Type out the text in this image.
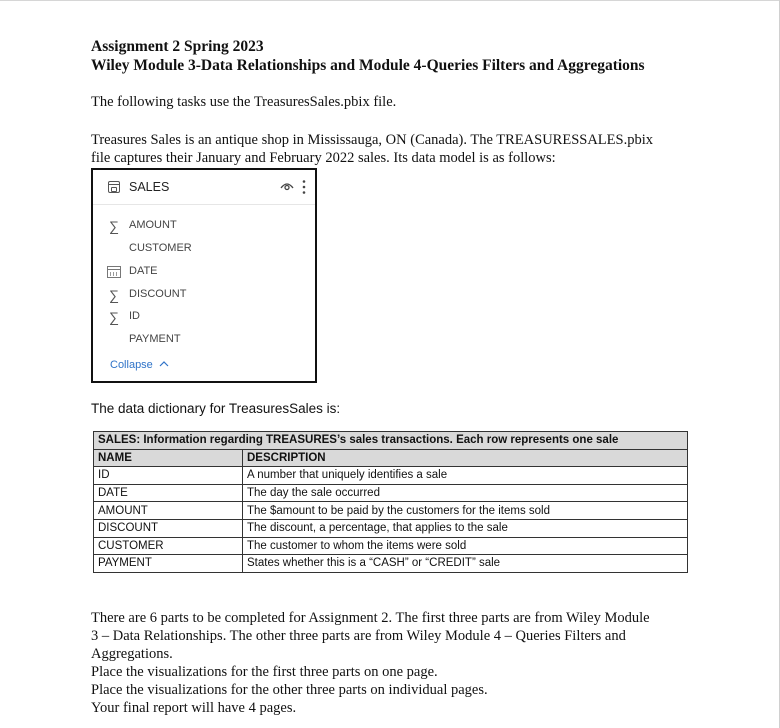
Assignment 2 Spring 2023
Wiley Module 3-Data Relationships and Module 4-Queries Filters and Aggregations
The following tasks use the TreasuresSales.pbix file.
Treasures Sales is an antique shop in Mississauga, ON (Canada). The TREASURESSALES.pbix
file captures their January and February 2022 sales. Its data model is as follows:
SALES
∑ AMOUNT
CUSTOMER
DATE
∑ DISCOUNT
∑ ID
PAYMENT
Collapse
The data dictionary for TreasuresSales is:
SALES: Information regarding TREASURES’s sales transactions. Each row represents one sale	
NAME	DESCRIPTION
ID	A number that uniquely identifies a sale
DATE	The day the sale occurred
AMOUNT	The $amount to be paid by the customers for the items sold
DISCOUNT	The discount, a percentage, that applies to the sale
CUSTOMER	The customer to whom the items were sold
PAYMENT	States whether this is a “CASH” or “CREDIT” sale
There are 6 parts to be completed for Assignment 2. The first three parts are from Wiley Module
3 – Data Relationships. The other three parts are from Wiley Module 4 – Queries Filters and
Aggregations.
Place the visualizations for the first three parts on one page.
Place the visualizations for the other three parts on individual pages.
Your final report will have 4 pages.
